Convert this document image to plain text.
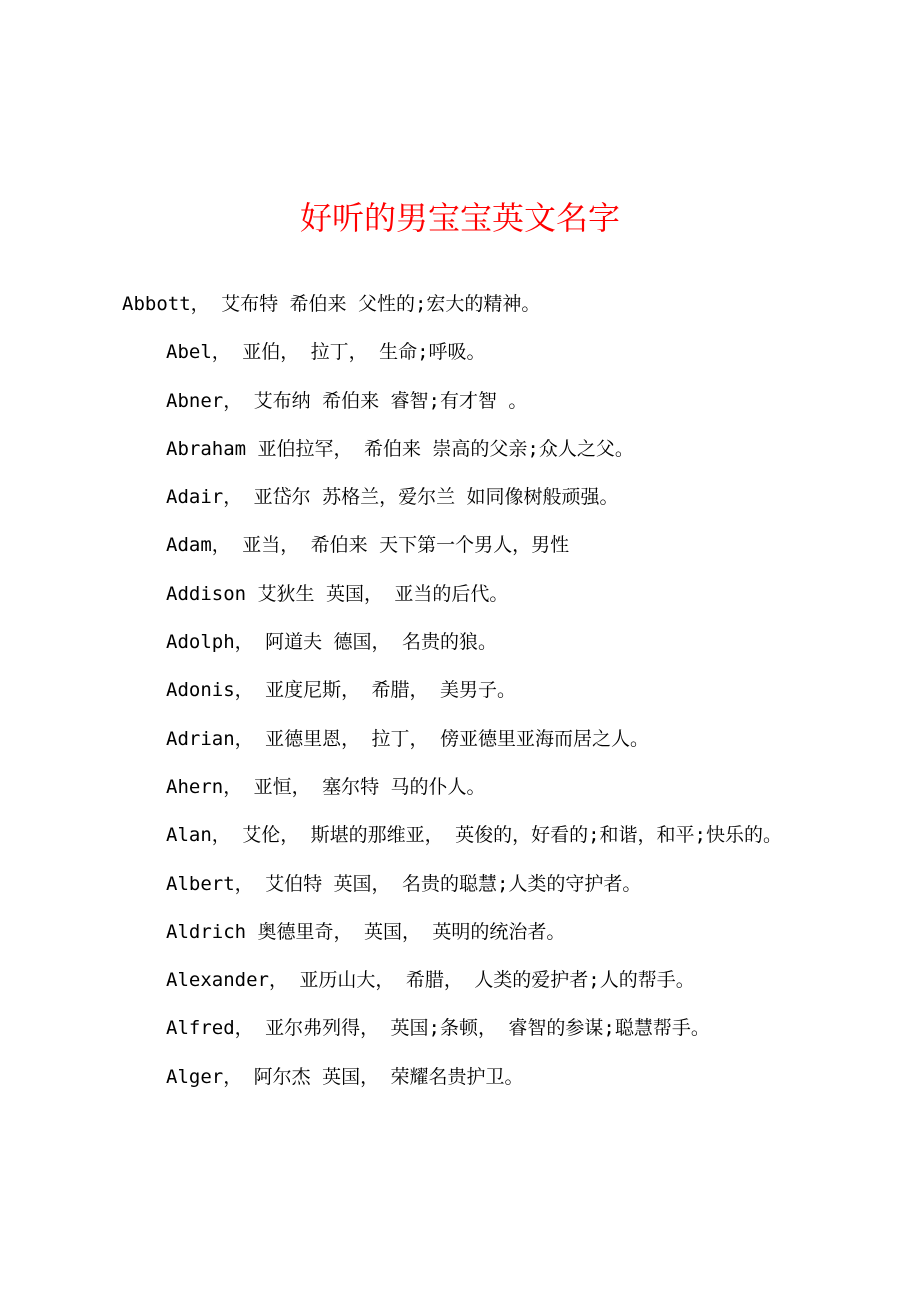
好听的男宝宝英文名字

Abbott， 艾布特 希伯来 父性的;宏大的精神。

Abel， 亚伯， 拉丁， 生命;呼吸。

Abner， 艾布纳 希伯来 睿智;有才智 。

Abraham 亚伯拉罕， 希伯来 崇高的父亲;众人之父。

Adair， 亚岱尔 苏格兰，爱尔兰 如同像树般顽强。

Adam， 亚当， 希伯来 天下第一个男人，男性

Addison 艾狄生 英国， 亚当的后代。

Adolph， 阿道夫 德国， 名贵的狼。

Adonis， 亚度尼斯， 希腊， 美男子。

Adrian， 亚德里恩， 拉丁， 傍亚德里亚海而居之人。

Ahern， 亚恒， 塞尔特 马的仆人。

Alan， 艾伦， 斯堪的那维亚， 英俊的，好看的;和谐，和平;快乐的。

Albert， 艾伯特 英国， 名贵的聪慧;人类的守护者。

Aldrich 奥德里奇， 英国， 英明的统治者。

Alexander， 亚历山大， 希腊， 人类的爱护者;人的帮手。

Alfred， 亚尔弗列得， 英国;条顿， 睿智的参谋;聪慧帮手。

Alger， 阿尔杰 英国， 荣耀名贵护卫。
